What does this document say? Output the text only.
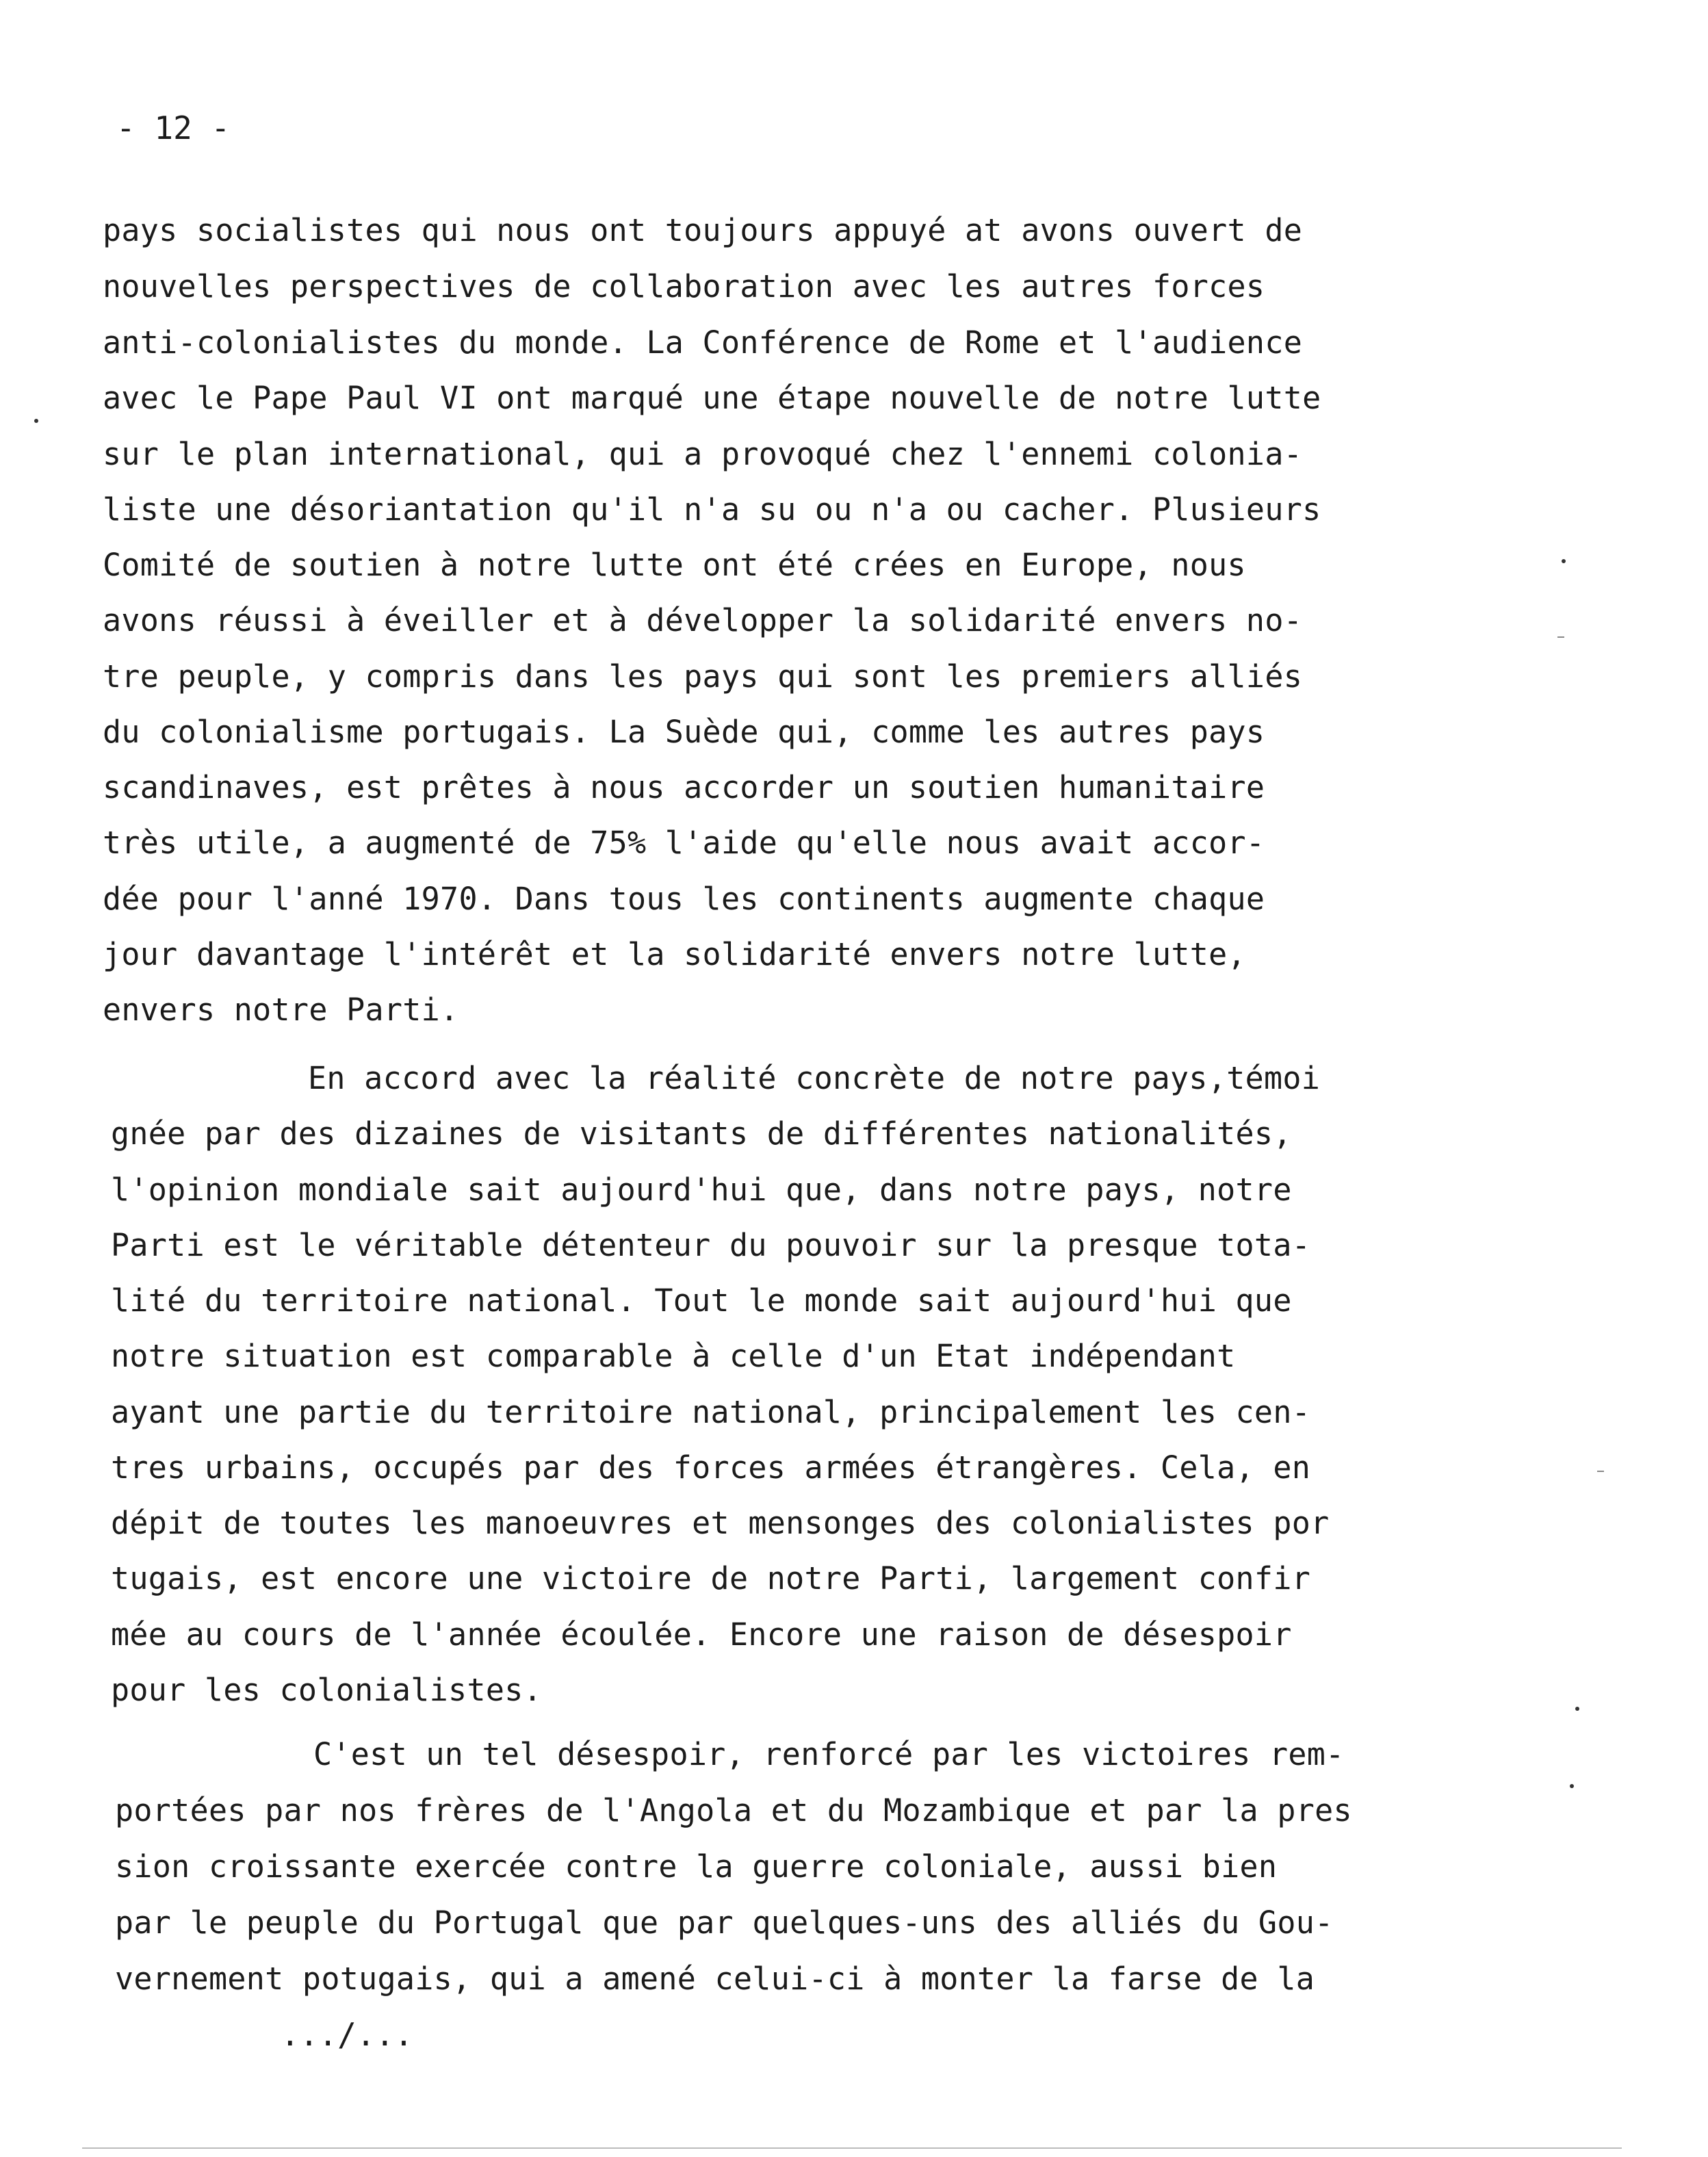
- 12 -
pays socialistes qui nous ont toujours appuyé at avons ouvert de
nouvelles perspectives de collaboration avec les autres forces
anti-colonialistes du monde. La Conférence de Rome et l'audience
avec le Pape Paul VI ont marqué une étape nouvelle de notre lutte
sur le plan international, qui a provoqué chez l'ennemi colonia-
liste une désoriantation qu'il n'a su ou n'a ou cacher. Plusieurs
Comité de soutien à notre lutte ont été crées en Europe, nous
avons réussi à éveiller et à développer la solidarité envers no-
tre peuple, y compris dans les pays qui sont les premiers alliés
du colonialisme portugais. La Suède qui, comme les autres pays
scandinaves, est prêtes à nous accorder un soutien humanitaire
très utile, a augmenté de 75% l'aide qu'elle nous avait accor-
dée pour l'anné 1970. Dans tous les continents augmente chaque
jour davantage l'intérêt et la solidarité envers notre lutte,
envers notre Parti.
En accord avec la réalité concrète de notre pays,témoi
gnée par des dizaines de visitants de différentes nationalités,
l'opinion mondiale sait aujourd'hui que, dans notre pays, notre
Parti est le véritable détenteur du pouvoir sur la presque tota-
lité du territoire national. Tout le monde sait aujourd'hui que
notre situation est comparable à celle d'un Etat indépendant
ayant une partie du territoire national, principalement les cen-
tres urbains, occupés par des forces armées étrangères. Cela, en
dépit de toutes les manoeuvres et mensonges des colonialistes por
tugais, est encore une victoire de notre Parti, largement confir
mée au cours de l'année écoulée. Encore une raison de désespoir
pour les colonialistes.
C'est un tel désespoir, renforcé par les victoires rem-
portées par nos frères de l'Angola et du Mozambique et par la pres
sion croissante exercée contre la guerre coloniale, aussi bien
par le peuple du Portugal que par quelques-uns des alliés du Gou-
vernement potugais, qui a amené celui-ci à monter la farse de la
.../...
